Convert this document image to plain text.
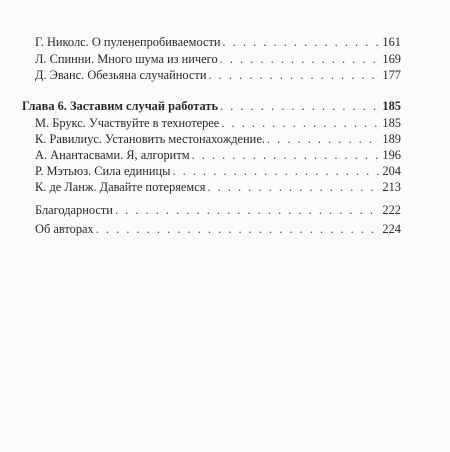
Г. Николс. О пуленепробиваемости . . .	161
Л. Спинни. Много шума из ничего . . .	169
Д. Эванс. Обезьяна случайности . . .	177
Глава 6. Заставим случай работать . . .	185
М. Брукс. Участвуйте в технотерее . . .	185
К. Равилиус. Установить местонахождение. . . .	189
А. Анантасвами. Я, алгоритм . . .	196
Р. Мэтьюз. Сила единицы . . .	204
К. де Ланж. Давайте потеряемся . . .	213
Благодарности . . .	222
Об авторах . . .	224
